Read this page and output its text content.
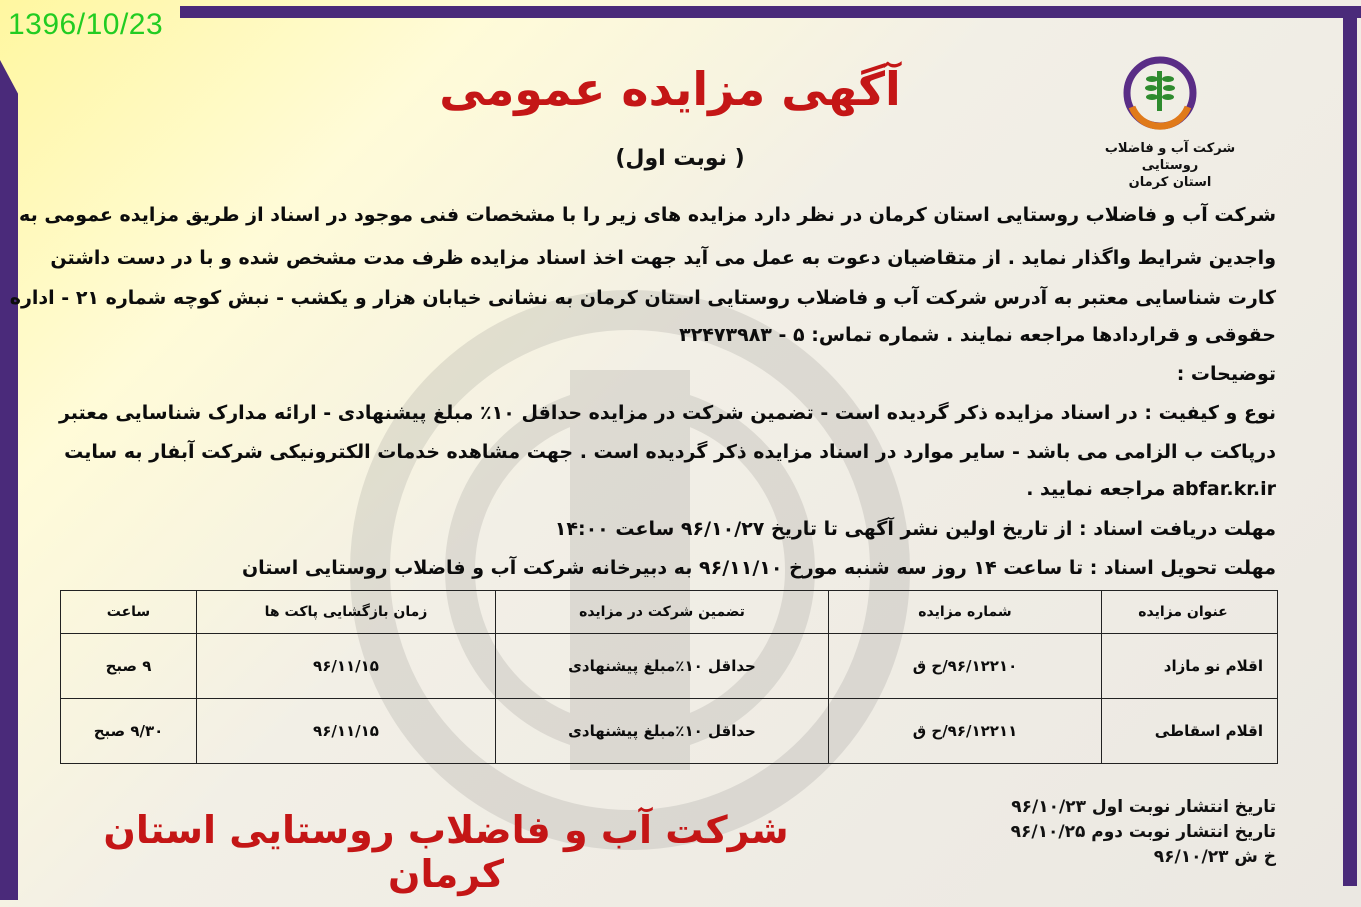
1396/10/23
شرکت آب و فاضلاب روستایی
استان کرمان
آگهی مزایده عمومی
( نوبت اول)
شرکت آب و فاضلاب روستایی استان کرمان در نظر دارد مزایده های زیر را با مشخصات فنی موجود در اسناد از طریق مزایده عمومی به
واجدین شرایط واگذار نماید . از متقاضیان دعوت به عمل می آید جهت اخذ اسناد مزایده ظرف مدت مشخص شده و با در دست داشتن
کارت شناسایی معتبر به آدرس شرکت آب و فاضلاب روستایی استان کرمان به نشانی خیابان هزار و یکشب - نبش کوچه شماره ۲۱ - اداره
حقوقی و قراردادها مراجعه نمایند . شماره تماس: ۵ - ۳۲۴۷۳۹۸۳
توضیحات :
نوع و کیفیت : در اسناد مزایده ذکر گردیده است - تضمین شرکت در مزایده حداقل ۱۰٪ مبلغ پیشنهادی - ارائه مدارک شناسایی معتبر
درپاکت ب الزامی می باشد - سایر موارد در اسناد مزایده ذکر گردیده است . جهت مشاهده خدمات الکترونیکی شرکت آبفار به سایت
abfar.kr.ir مراجعه نمایید .
مهلت دریافت اسناد : از تاریخ اولین نشر آگهی تا تاریخ ۹۶/۱۰/۲۷ ساعت ۱۴:۰۰
مهلت تحویل اسناد : تا ساعت ۱۴ روز سه شنبه مورخ ۹۶/۱۱/۱۰ به دبیرخانه شرکت آب و فاضلاب روستایی استان
عنوان مزایده	شماره مزایده	تضمین شرکت در مزایده	زمان بازگشایی پاکت ها	ساعت
اقلام نو مازاد	۹۶/۱۲۲۱۰/ح ق	حداقل ۱۰٪مبلغ پیشنهادی	۹۶/۱۱/۱۵	۹ صبح
اقلام اسقاطی	۹۶/۱۲۲۱۱/ح ق	حداقل ۱۰٪مبلغ پیشنهادی	۹۶/۱۱/۱۵	۹/۳۰ صبح
شرکت آب و فاضلاب روستایی استان کرمان
تاریخ انتشار نوبت اول ۹۶/۱۰/۲۳
تاریخ انتشار نوبت دوم ۹۶/۱۰/۲۵
خ ش ۹۶/۱۰/۲۳
